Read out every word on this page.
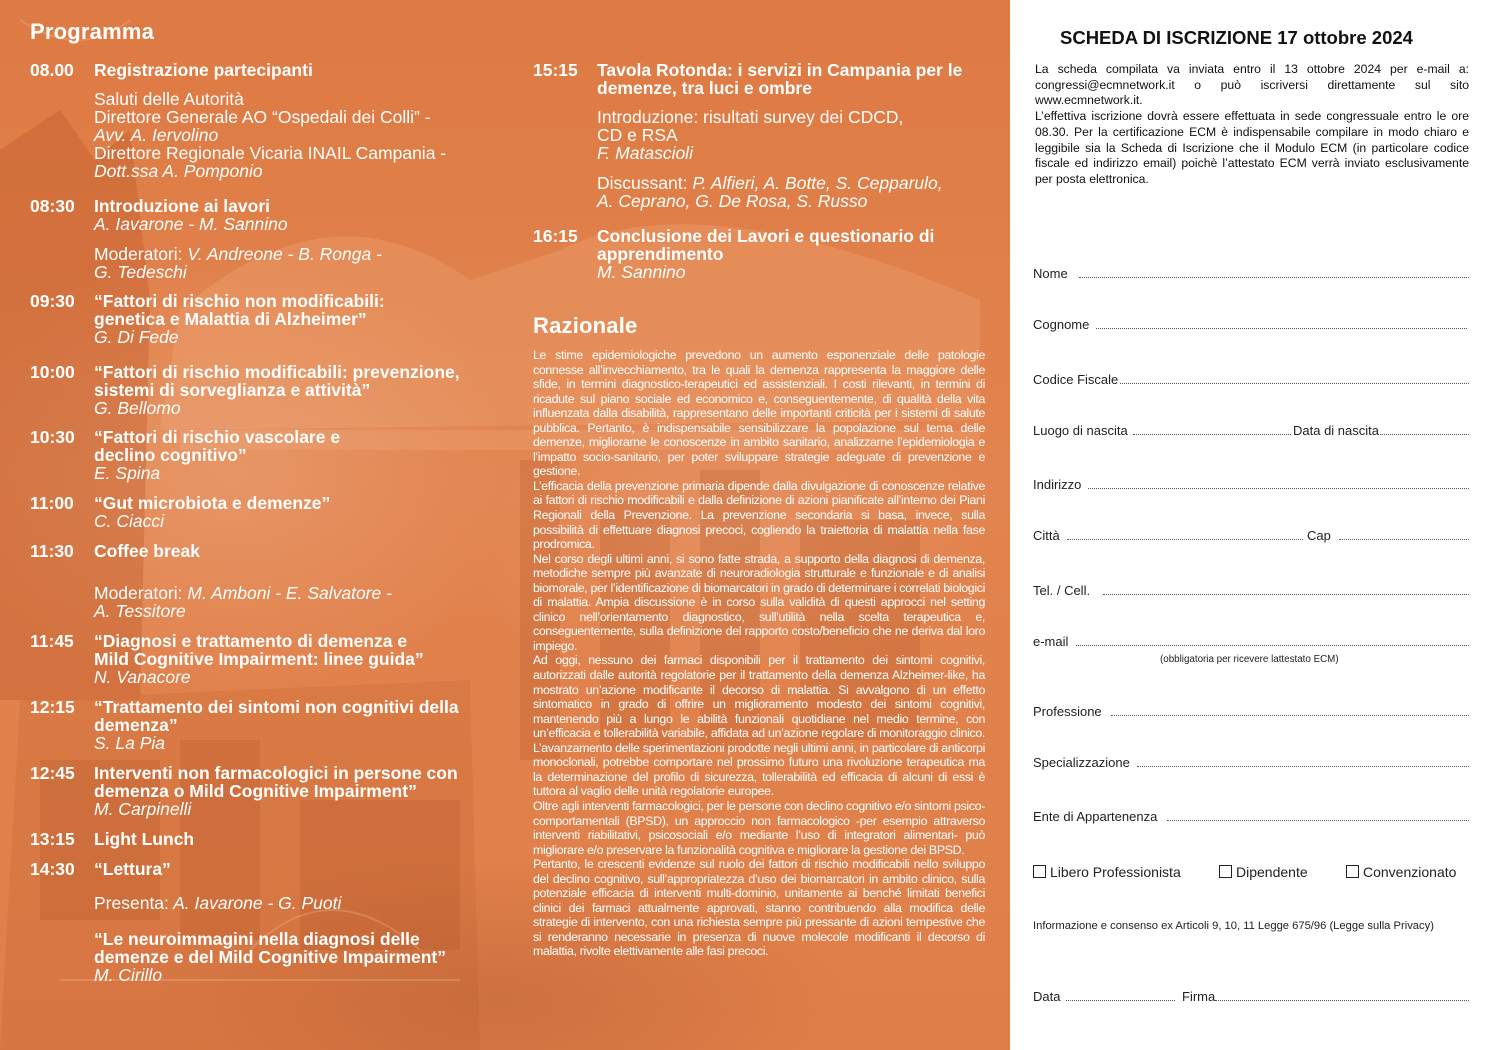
Programma
08.00 Registrazione partecipanti
Saluti delle Autorità
Direttore Generale AO “Ospedali dei Colli” -
Avv. A. Iervolino
Direttore Regionale Vicaria INAIL Campania -
Dott.ssa A. Pomponio
08:30 Introduzione ai lavori
A. Iavarone - M. Sannino
Moderatori: V. Andreone - B. Ronga -
G. Tedeschi
09:30 “Fattori di rischio non modificabili:
genetica e Malattia di Alzheimer”
G. Di Fede
10:00 “Fattori di rischio modificabili: prevenzione,
sistemi di sorveglianza e attività”
G. Bellomo
10:30 “Fattori di rischio vascolare e
declino cognitivo”
E. Spina
11:00 “Gut microbiota e demenze”
C. Ciacci
11:30 Coffee break
Moderatori: M. Amboni - E. Salvatore -
A. Tessitore
11:45 “Diagnosi e trattamento di demenza e
Mild Cognitive Impairment: linee guida”
N. Vanacore
12:15 “Trattamento dei sintomi non cognitivi della
demenza”
S. La Pia
12:45 Interventi non farmacologici in persone con
demenza o Mild Cognitive Impairment”
M. Carpinelli
13:15 Light Lunch
14:30 “Lettura”
Presenta: A. Iavarone - G. Puoti
“Le neuroimmagini nella diagnosi delle
demenze e del Mild Cognitive Impairment”
M. Cirillo
15:15 Tavola Rotonda: i servizi in Campania per le
demenze, tra luci e ombre
Introduzione: risultati survey dei CDCD,
CD e RSA
F. Matascioli
Discussant: P. Alfieri, A. Botte, S. Cepparulo,
A. Ceprano, G. De Rosa, S. Russo
16:15 Conclusione dei Lavori e questionario di
apprendimento
M. Sannino
Razionale

Le stime epidemiologiche prevedono un aumento esponenziale delle patologie connesse all’invecchiamento, tra le quali la demenza rappresenta la maggiore delle sfide, in termini diagnostico-terapeutici ed assistenziali. I costi rilevanti, in termini di ricadute sul piano sociale ed economico e, conseguentemente, di qualità della vita influenzata dalla disabilità, rappresentano delle importanti criticità per i sistemi di salute pubblica. Pertanto, è indispensabile sensibilizzare la popolazione sul tema delle demenze, migliorarne le conoscenze in ambito sanitario, analizzarne l’epidemiologia e l’impatto socio-sanitario, per poter sviluppare strategie adeguate di prevenzione e gestione.

L’efficacia della prevenzione primaria dipende dalla divulgazione di conoscenze relative ai fattori di rischio modificabili e dalla definizione di azioni pianificate all’interno dei Piani Regionali della Prevenzione. La prevenzione secondaria si basa, invece, sulla possibilità di effettuare diagnosi precoci, cogliendo la traiettoria di malattia nella fase prodromica.

Nel corso degli ultimi anni, si sono fatte strada, a supporto della diagnosi di demenza, metodiche sempre più avanzate di neuroradiologia strutturale e funzionale e di analisi biomorale, per l’identificazione di biomarcatori in grado di determinare i correlati biologici di malattia. Ampia discussione è in corso sulla validità di questi approcci nel setting clinico nell’orientamento diagnostico, sull’utilità nella scelta terapeutica e, conseguentemente, sulla definizione del rapporto costo/beneficio che ne deriva dal loro impiego.

Ad oggi, nessuno dei farmaci disponibili per il trattamento dei sintomi cognitivi, autorizzati dalle autorità regolatorie per il trattamento della demenza Alzheimer-like, ha mostrato un’azione modificante il decorso di malattia. Si avvalgono di un effetto sintomatico in grado di offrire un miglioramento modesto dei sintomi cognitivi, mantenendo più a lungo le abilità funzionali quotidiane nel medio termine, con un’efficacia e tollerabilità variabile, affidata ad un’azione regolare di monitoraggio clinico. L’avanzamento delle sperimentazioni prodotte negli ultimi anni, in particolare di anticorpi monoclonali, potrebbe comportare nel prossimo futuro una rivoluzione terapeutica ma la determinazione del profilo di sicurezza, tollerabilità ed efficacia di alcuni di essi è tuttora al vaglio delle unità regolatorie europee.

Oltre agli interventi farmacologici, per le persone con declino cognitivo e/o sintomi psico-comportamentali (BPSD), un approccio non farmacologico -per esempio attraverso interventi riabilitativi, psicosociali e/o mediante l’uso di integratori alimentari- può migliorare e/o preservare la funzionalità cognitiva e migliorare la gestione dei BPSD.

Pertanto, le crescenti evidenze sul ruolo dei fattori di rischio modificabili nello sviluppo del declino cognitivo, sull’appropriatezza d’uso dei biomarcatori in ambito clinico, sulla potenziale efficacia di interventi multi-dominio, unitamente ai benché limitati benefici clinici dei farmaci attualmente approvati, stanno contribuendo alla modifica delle strategie di intervento, con una richiesta sempre più pressante di azioni tempestive che si renderanno necessarie in presenza di nuove molecole modificanti il decorso di malattia, rivolte elettivamente alle fasi precoci.

SCHEDA DI ISCRIZIONE 17 ottobre 2024

La scheda compilata va inviata entro il 13 ottobre 2024 per e-mail a: congressi@ecmnetwork.it o può iscriversi direttamente sul sito www.ecmnetwork.it.

L’effettiva iscrizione dovrà essere effettuata in sede congressuale entro le ore 08.30. Per la certificazione ECM è indispensabile compilare in modo chiaro e leggibile sia la Scheda di Iscrizione che il Modulo ECM (in particolare codice fiscale ed indirizzo email) poichè l’attestato ECM verrà inviato esclusivamente per posta elettronica.

Nome
Cognome
Codice Fiscale
Luogo di nascita	Data di nascita
Indirizzo
Città	Cap
Tel. / Cell.
e-mail
(obbligatoria per ricevere lattestato ECM)
Professione
Specializzazione
Ente di Appartenenza
Libero Professionista	Dipendente	Convenzionato
Informazione e consenso ex Articoli 9, 10, 11 Legge 675/96 (Legge sulla Privacy)
Data	Firma
